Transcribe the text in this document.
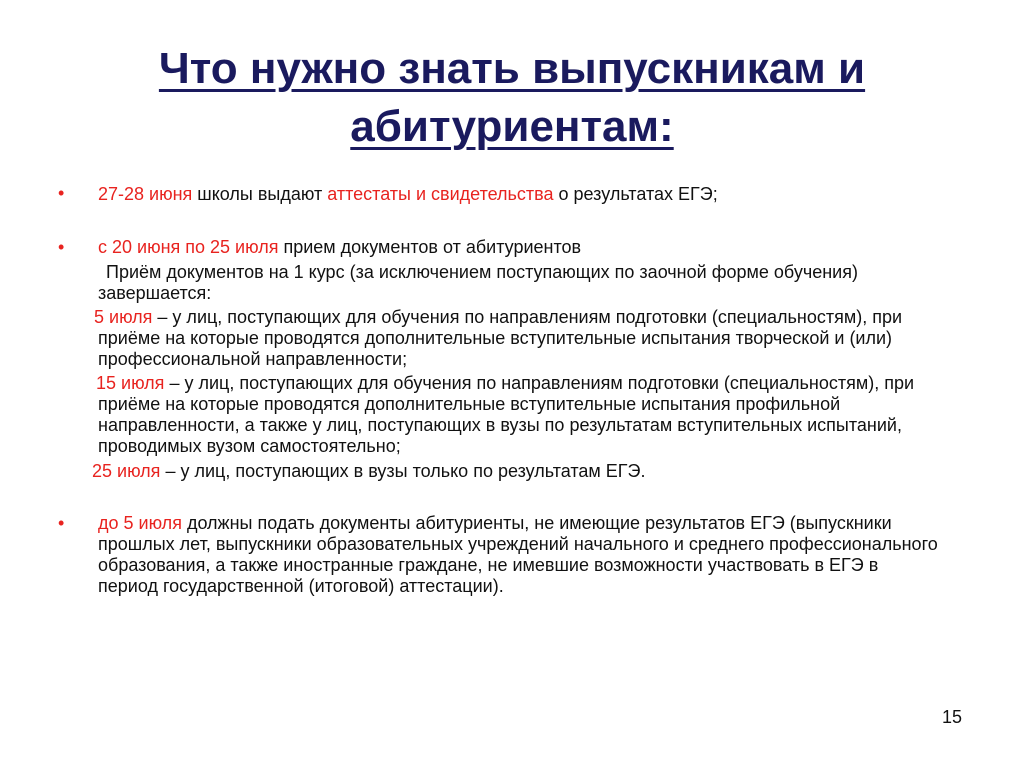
Что нужно знать выпускникам и
абитуриентам:
• 27-28 июня школы выдают аттестаты и свидетельства о результатах ЕГЭ;
• с 20 июня по 25 июля прием документов от абитуриентов
Приём документов на 1 курс (за исключением поступающих по заочной форме обучения) завершается:
5 июля – у лиц, поступающих для обучения по направлениям подготовки (специальностям), при приёме на которые проводятся дополнительные вступительные испытания творческой и (или) профессиональной направленности;
15 июля – у лиц, поступающих для обучения по направлениям подготовки (специальностям), при приёме на которые проводятся дополнительные вступительные испытания профильной направленности, а также у лиц, поступающих в вузы по результатам вступительных испытаний, проводимых вузом самостоятельно;
25 июля – у лиц, поступающих в вузы только по результатам ЕГЭ.
• до 5 июля должны подать документы абитуриенты, не имеющие результатов ЕГЭ (выпускники прошлых лет, выпускники образовательных учреждений начального и среднего профессионального образования, а также иностранные граждане, не имевшие возможности участвовать в ЕГЭ в период государственной (итоговой) аттестации).
15
